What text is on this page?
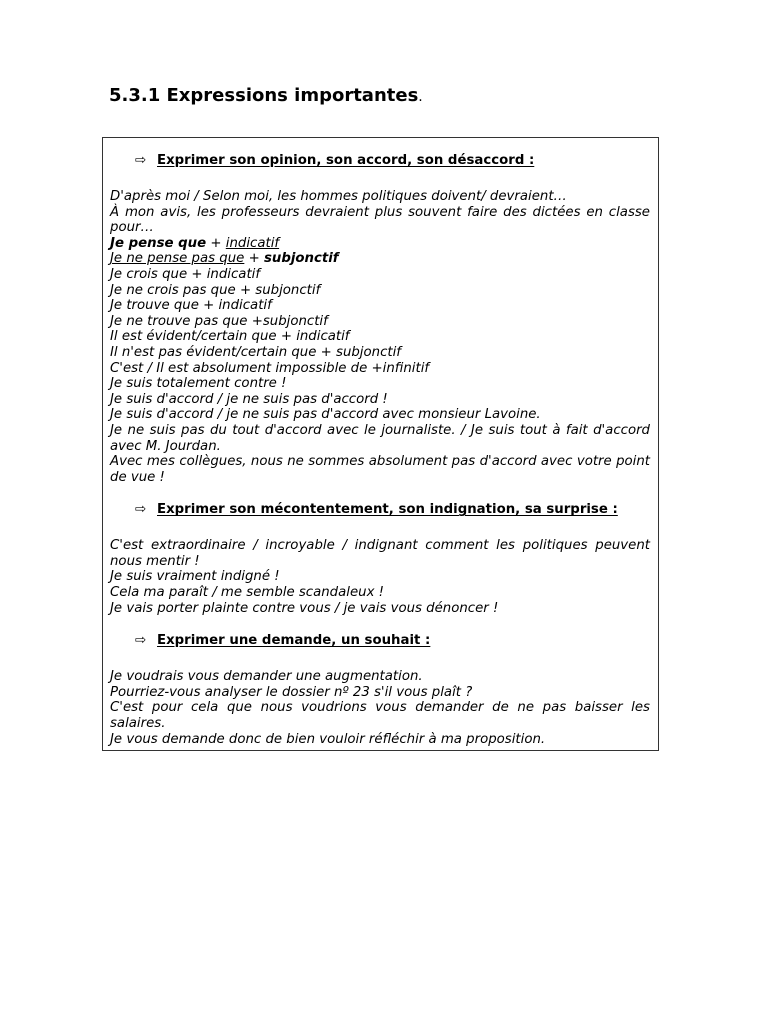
5.3.1 Expressions importantes.
⇨ Exprimer son opinion, son accord, son désaccord :

D'après moi / Selon moi, les hommes politiques doivent/ devraient…

À mon avis, les professeurs devraient plus souvent faire des dictées en classe pour…

Je pense que + indicatif

Je ne pense pas que + subjonctif

Je crois que + indicatif

Je ne crois pas que + subjonctif

Je trouve que + indicatif

Je ne trouve pas que +subjonctif

Il est évident/certain que + indicatif

Il n'est pas évident/certain que + subjonctif

C'est / Il est absolument impossible de +infinitif

Je suis totalement contre !

Je suis d'accord / je ne suis pas d'accord !

Je suis d'accord / je ne suis pas d'accord avec monsieur Lavoine.

Je ne suis pas du tout d'accord avec le journaliste. / Je suis tout à fait d'accord avec M. Jourdan.

Avec mes collègues, nous ne sommes absolument pas d'accord avec votre point de vue !

⇨ Exprimer son mécontentement, son indignation, sa surprise :

C'est extraordinaire / incroyable / indignant comment les politiques peuvent nous mentir !

Je suis vraiment indigné !

Cela ma paraît / me semble scandaleux !

Je vais porter plainte contre vous / je vais vous dénoncer !

⇨ Exprimer une demande, un souhait :

Je voudrais vous demander une augmentation.

Pourriez-vous analyser le dossier nº 23 s'il vous plaît ?

C'est pour cela que nous voudrions vous demander de ne pas baisser les salaires.

Je vous demande donc de bien vouloir réfléchir à ma proposition.
